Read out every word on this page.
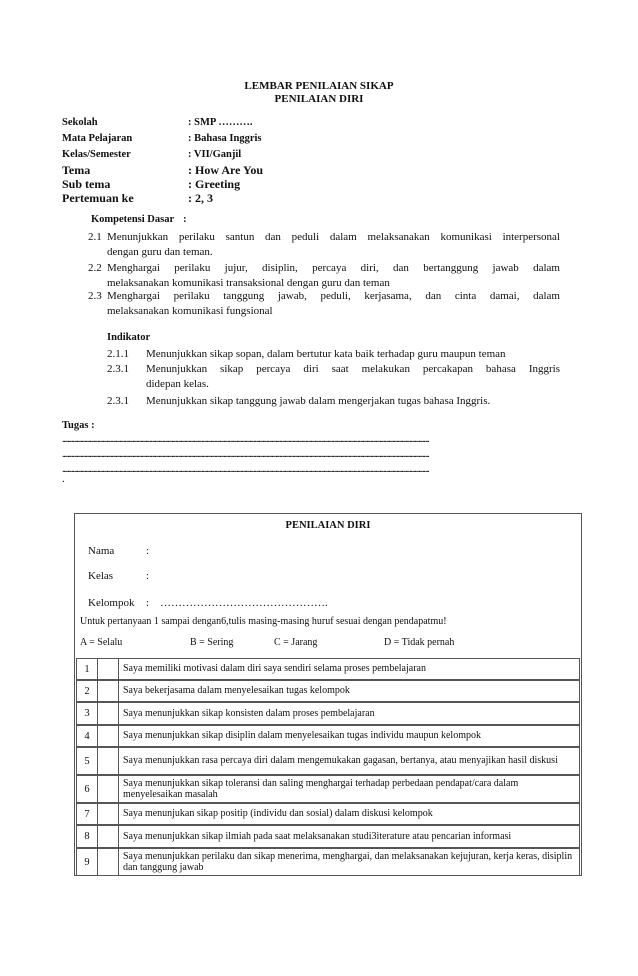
LEMBAR PENILAIAN SIKAP
PENILAIAN DIRI
Sekolah	: SMP ……….
Mata Pelajaran	: Bahasa Inggris
Kelas/Semester	: VII/Ganjil
Tema	: How Are You
Sub tema	: Greeting
Pertemuan ke	: 2, 3
Kompetensi Dasar :
2.1 Menunjukkan perilaku santun dan peduli dalam melaksanakan komunikasi interpersonal
dengan guru dan teman.
2.2 Menghargai perilaku jujur, disiplin, percaya diri, dan bertanggung jawab dalam
melaksanakan komunikasi transaksional dengan guru dan teman
2.3 Menghargai perilaku tanggung jawab, peduli, kerjasama, dan cinta damai, dalam
melaksanakan komunikasi fungsional
Indikator
2.1.1 Menunjukkan sikap sopan, dalam bertutur kata baik terhadap guru maupun teman
2.3.1 Menunjukkan sikap percaya diri saat melakukan percakapan bahasa Inggris
didepan kelas.
2.3.1 Menunjukkan sikap tanggung jawab dalam mengerjakan tugas bahasa Inggris.
Tugas :
..........................................................................................................................................................................................................................................................................................
..........................................................................................................................................................................................................................................................................................
..........................................................................................................................................................................................................................................................................................
.
PENILAIAN DIRI
Nama	:
Kelas	:
Kelompok : ……………………………………….
Untuk pertanyaan 1 sampai dengan6,tulis masing-masing huruf sesuai dengan pendapatmu!
A = Selalu	B = Sering	C = Jarang	D = Tidak pernah
1	Saya memiliki motivasi dalam diri saya sendiri selama proses pembelajaran
2	Saya bekerjasama dalam menyelesaikan tugas kelompok
3	Saya menunjukkan sikap konsisten dalam proses pembelajaran
4	Saya menunjukkan sikap disiplin dalam menyelesaikan tugas individu maupun kelompok
5	Saya menunjukkan rasa percaya diri dalam mengemukakan gagasan, bertanya, atau menyajikan hasil diskusi
6
Saya menunjukkan sikap toleransi dan saling menghargai terhadap perbedaan pendapat/cara dalam menyelesaikan masalah
7	Saya menunjukan sikap positip (individu dan sosial) dalam diskusi kelompok
8	Saya menunjukkan sikap ilmiah pada saat melaksanakan studi3iterature atau pencarian informasi
9
Saya menunjukkan perilaku dan sikap menerima, menghargai, dan melaksanakan kejujuran, kerja keras, disiplin dan tanggung jawab
